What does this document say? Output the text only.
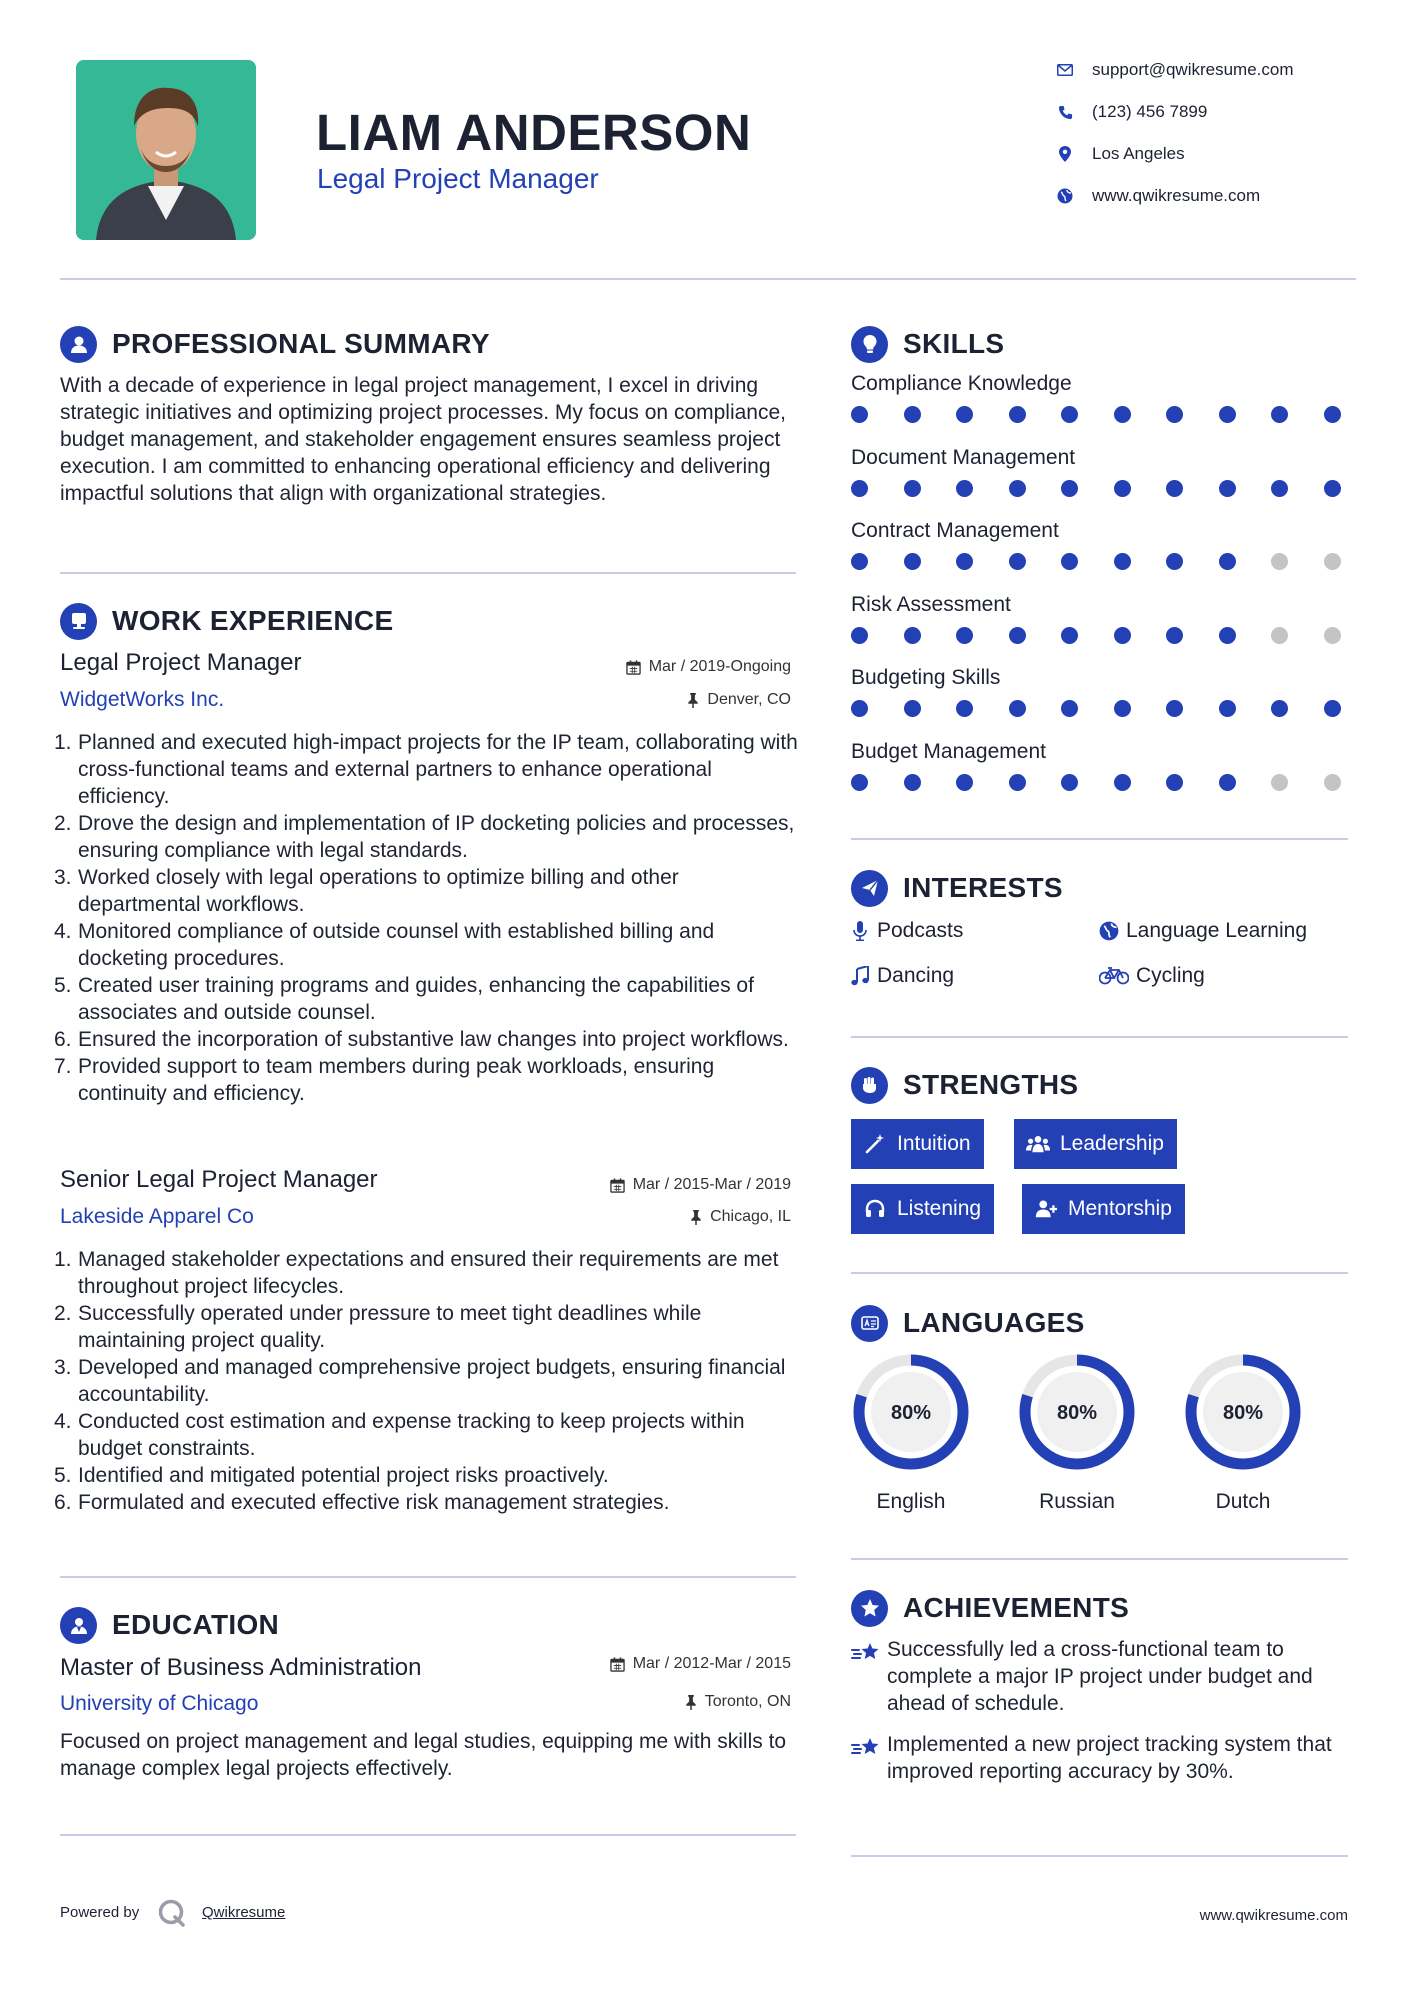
LIAM ANDERSON
Legal Project Manager
support@qwikresume.com
(123) 456 7899
Los Angeles
www.qwikresume.com
PROFESSIONAL SUMMARY
With a decade of experience in legal project management, I excel in driving strategic initiatives and optimizing project processes. My focus on compliance, budget management, and stakeholder engagement ensures seamless project execution. I am committed to enhancing operational efficiency and delivering impactful solutions that align with organizational strategies.
WORK EXPERIENCE
Legal Project Manager	Mar / 2019-Ongoing
WidgetWorks Inc.	Denver, CO
1. Planned and executed high-impact projects for the IP team, collaborating with cross-functional teams and external partners to enhance operational efficiency.
2. Drove the design and implementation of IP docketing policies and processes, ensuring compliance with legal standards.
3. Worked closely with legal operations to optimize billing and other departmental workflows.
4. Monitored compliance of outside counsel with established billing and docketing procedures.
5. Created user training programs and guides, enhancing the capabilities of associates and outside counsel.
6. Ensured the incorporation of substantive law changes into project workflows.
7. Provided support to team members during peak workloads, ensuring continuity and efficiency.
Senior Legal Project Manager	Mar / 2015-Mar / 2019
Lakeside Apparel Co	Chicago, IL
1. Managed stakeholder expectations and ensured their requirements are met throughout project lifecycles.
2. Successfully operated under pressure to meet tight deadlines while maintaining project quality.
3. Developed and managed comprehensive project budgets, ensuring financial accountability.
4. Conducted cost estimation and expense tracking to keep projects within budget constraints.
5. Identified and mitigated potential project risks proactively.
6. Formulated and executed effective risk management strategies.
EDUCATION
Master of Business Administration	Mar / 2012-Mar / 2015
University of Chicago	Toronto, ON
Focused on project management and legal studies, equipping me with skills to manage complex legal projects effectively.
SKILLS
Compliance Knowledge
Document Management
Contract Management
Risk Assessment
Budgeting Skills
Budget Management
INTERESTS
Podcasts	Language Learning
Dancing	Cycling
STRENGTHS
Intuition	Leadership
Listening	Mentorship
LANGUAGES
80%
English
80%
Russian
80%
Dutch
ACHIEVEMENTS
Successfully led a cross-functional team to complete a major IP project under budget and ahead of schedule.
Implemented a new project tracking system that improved reporting accuracy by 30%.
Powered by	Qwikresume	www.qwikresume.com
